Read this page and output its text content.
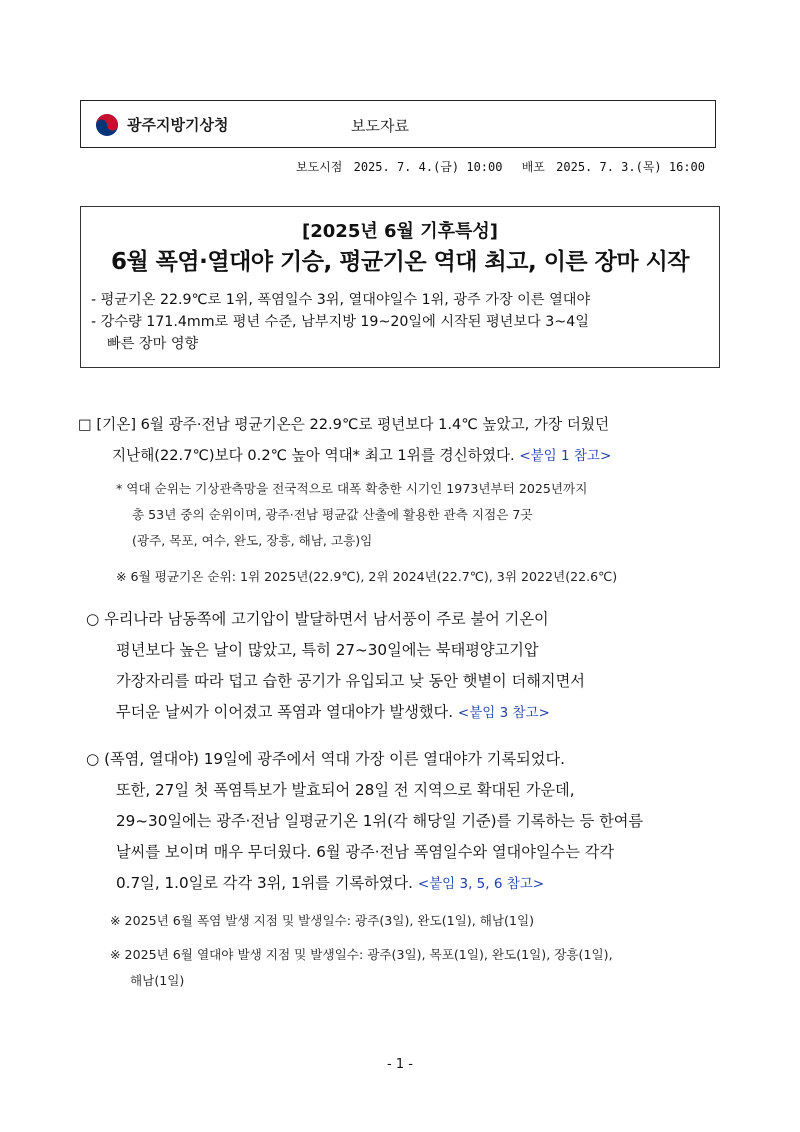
광주지방기상청	보도자료
보도시점 2025. 7. 4.(금) 10:00 배포 2025. 7. 3.(목) 16:00
[2025년 6월 기후특성]
6월 폭염·열대야 기승, 평균기온 역대 최고, 이른 장마 시작
- 평균기온 22.9℃로 1위, 폭염일수 3위, 열대야일수 1위, 광주 가장 이른 열대야
- 강수량 171.4mm로 평년 수준, 남부지방 19~20일에 시작된 평년보다 3~4일
빠른 장마 영향
□ [기온] 6월 광주·전남 평균기온은 22.9℃로 평년보다 1.4℃ 높았고, 가장 더웠던
지난해(22.7℃)보다 0.2℃ 높아 역대* 최고 1위를 경신하였다. <붙임 1 참고>
* 역대 순위는 기상관측망을 전국적으로 대폭 확충한 시기인 1973년부터 2025년까지
총 53년 중의 순위이며, 광주·전남 평균값 산출에 활용한 관측 지점은 7곳
(광주, 목포, 여수, 완도, 장흥, 해남, 고흥)임
※ 6월 평균기온 순위: 1위 2025년(22.9℃), 2위 2024년(22.7℃), 3위 2022년(22.6℃)
○ 우리나라 남동쪽에 고기압이 발달하면서 남서풍이 주로 불어 기온이
평년보다 높은 날이 많았고, 특히 27~30일에는 북태평양고기압
가장자리를 따라 덥고 습한 공기가 유입되고 낮 동안 햇볕이 더해지면서
무더운 날씨가 이어졌고 폭염과 열대야가 발생했다. <붙임 3 참고>
○ (폭염, 열대야) 19일에 광주에서 역대 가장 이른 열대야가 기록되었다.
또한, 27일 첫 폭염특보가 발효되어 28일 전 지역으로 확대된 가운데,
29~30일에는 광주·전남 일평균기온 1위(각 해당일 기준)를 기록하는 등 한여름
날씨를 보이며 매우 무더웠다. 6월 광주·전남 폭염일수와 열대야일수는 각각
0.7일, 1.0일로 각각 3위, 1위를 기록하였다. <붙임 3, 5, 6 참고>
※ 2025년 6월 폭염 발생 지점 및 발생일수: 광주(3일), 완도(1일), 해남(1일)
※ 2025년 6월 열대야 발생 지점 및 발생일수: 광주(3일), 목포(1일), 완도(1일), 장흥(1일),
해남(1일)
- 1 -
